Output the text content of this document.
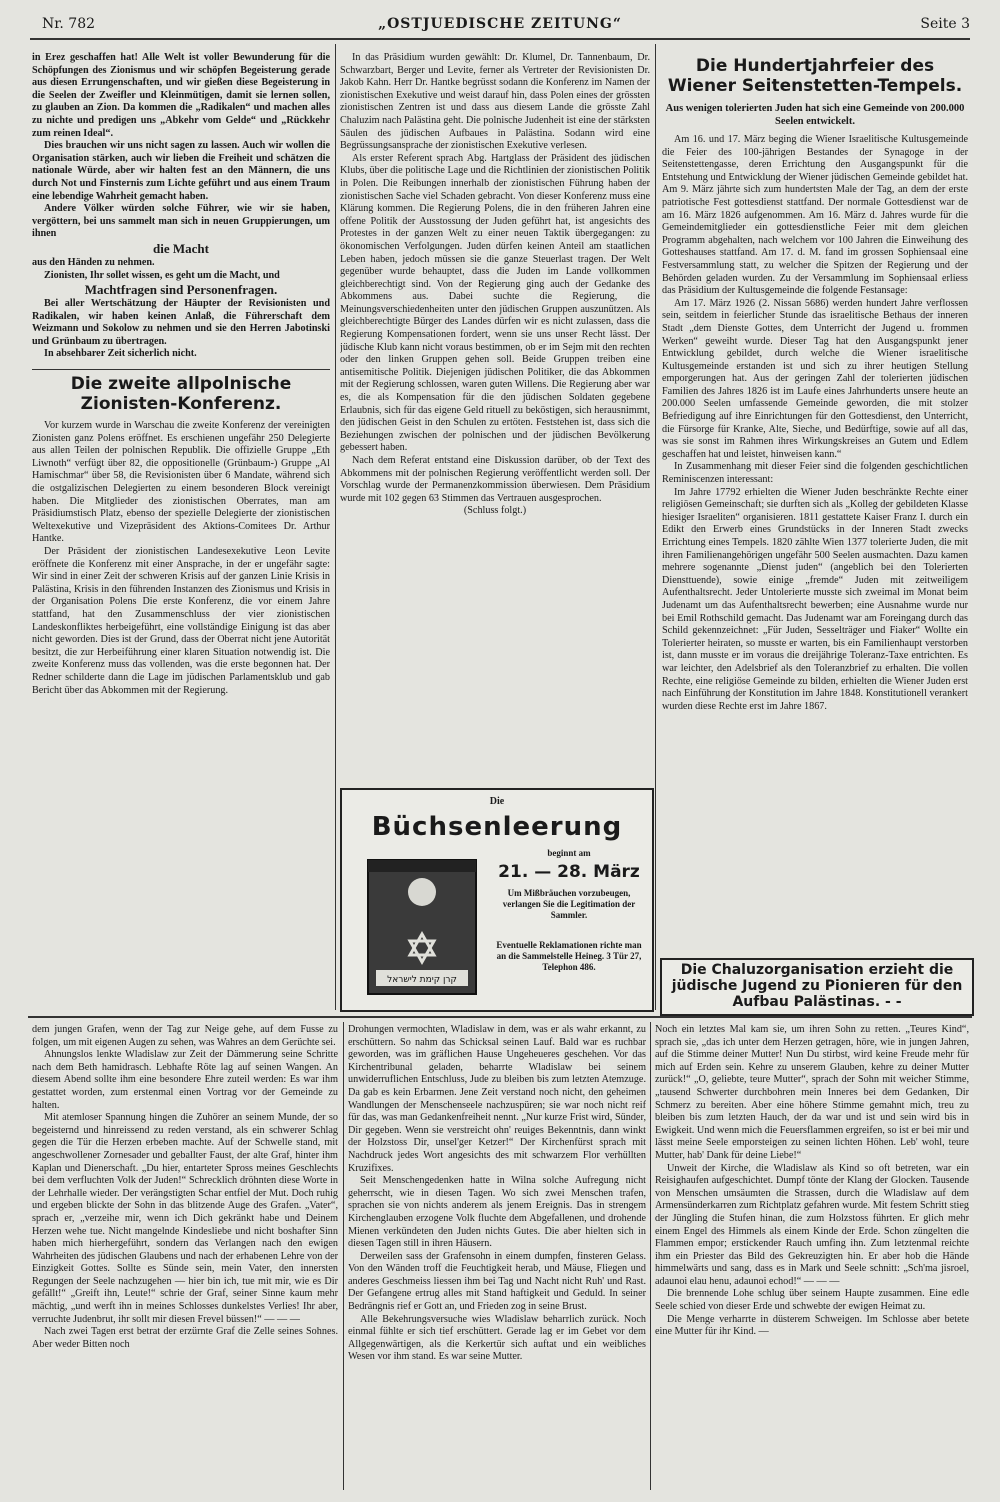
Nr. 782	„OSTJUEDISCHE ZEITUNG“	Seite 3

in Erez geschaffen hat! Alle Welt ist voller Bewunderung für die Schöpfungen des Zionismus und wir schöpfen Begeisterung gerade aus diesen Errungenschaften, und wir gießen diese Begeisterung in die Seelen der Zweifler und Kleinmütigen, damit sie lernen sollen, zu glauben an Zion. Da kommen die „Radikalen“ und machen alles zu nichte und predigen uns „Abkehr vom Gelde“ und „Rückkehr zum reinen Ideal“.

Dies brauchen wir uns nicht sagen zu lassen. Auch wir wollen die Organisation stärken, auch wir lieben die Freiheit und schätzen die nationale Würde, aber wir halten fest an den Männern, die uns durch Not und Finsternis zum Lichte geführt und aus einem Traum eine lebendige Wahrheit gemacht haben.

Andere Völker würden solche Führer, wie wir sie haben, vergöttern, bei uns sammelt man sich in neuen Gruppierungen, um ihnen

die Macht

aus den Händen zu nehmen.

Zionisten, Ihr sollet wissen, es geht um die Macht, und

Machtfragen sind Personenfragen.

Bei aller Wertschätzung der Häupter der Revisionisten und Radikalen, wir haben keinen Anlaß, die Führerschaft dem Weizmann und Sokolow zu nehmen und sie den Herren Jabotinski und Grünbaum zu übertragen.

In absehbarer Zeit sicherlich nicht.

Die zweite allpolnische Zionisten-Konferenz.

Vor kurzem wurde in Warschau die zweite Konferenz der vereinigten Zionisten ganz Polens eröffnet. Es erschienen ungefähr 250 Delegierte aus allen Teilen der polnischen Republik. Die offizielle Gruppe „Eth Liwnoth“ verfügt über 82, die oppositionelle (Grünbaum-) Gruppe „Al Hamischmar“ über 58, die Revisionisten über 6 Mandate, während sich die ostgalizischen Delegierten zu einem besonderen Block vereinigt haben. Die Mitglieder des zionistischen Oberrates, man am Präsidiumstisch Platz, ebenso der spezielle Delegierte der zionistischen Weltexekutive und Vizepräsident des Aktions-Comitees Dr. Arthur Hantke.

Der Präsident der zionistischen Landesexekutive Leon Levite eröffnete die Konferenz mit einer Ansprache, in der er ungefähr sagte: Wir sind in einer Zeit der schweren Krisis auf der ganzen Linie Krisis in Palästina, Krisis in den führenden Instanzen des Zionismus und Krisis in der Organisation Polens Die erste Konferenz, die vor einem Jahre stattfand, hat den Zusammenschluss der vier zionistischen Landeskonfliktes herbeigeführt, eine vollständige Einigung ist das aber nicht geworden. Dies ist der Grund, dass der Oberrat nicht jene Autorität besitzt, die zur Herbeiführung einer klaren Situation notwendig ist. Die zweite Konferenz muss das vollenden, was die erste begonnen hat. Der Redner schilderte dann die Lage im jüdischen Parlamentsklub und gab Bericht über das Abkommen mit der Regierung.

In das Präsidium wurden gewählt: Dr. Klumel, Dr. Tannenbaum, Dr. Schwarzbart, Berger und Levite, ferner als Vertreter der Revisionisten Dr. Jakob Kahn. Herr Dr. Hantke begrüsst sodann die Konferenz im Namen der zionistischen Exekutive und weist darauf hin, dass Polen eines der grössten zionistischen Zentren ist und dass aus diesem Lande die grösste Zahl Chaluzim nach Palästina geht. Die polnische Judenheit ist eine der stärksten Säulen des jüdischen Aufbaues in Palästina. Sodann wird eine Begrüssungsansprache der zionistischen Exekutive verlesen.

Als erster Referent sprach Abg. Hartglass der Präsident des jüdischen Klubs, über die politische Lage und die Richtlinien der zionistischen Politik in Polen. Die Reibungen innerhalb der zionistischen Führung haben der zionistischen Sache viel Schaden gebracht. Von dieser Konferenz muss eine Klärung kommen. Die Regierung Polens, die in den früheren Jahren eine offene Politik der Ausstossung der Juden geführt hat, ist angesichts des Protestes in der ganzen Welt zu einer neuen Taktik übergegangen: zu ökonomischen Verfolgungen. Juden dürfen keinen Anteil am staatlichen Leben haben, jedoch müssen sie die ganze Steuerlast tragen. Der Welt gegenüber wurde behauptet, dass die Juden im Lande vollkommen gleichberechtigt sind. Von der Regierung ging auch der Gedanke des Abkommens aus. Dabei suchte die Regierung, die Meinungsverschiedenheiten unter den jüdischen Gruppen auszunützen. Als gleichberechtigte Bürger des Landes dürfen wir es nicht zulassen, dass die Regierung Kompensationen fordert, wenn sie uns unser Recht lässt. Der jüdische Klub kann nicht voraus bestimmen, ob er im Sejm mit den rechten oder den linken Gruppen gehen soll. Beide Gruppen treiben eine antisemitische Politik. Diejenigen jüdischen Politiker, die das Abkommen mit der Regierung schlossen, waren guten Willens. Die Regierung aber war es, die als Kompensation für die den jüdischen Soldaten gegebene Erlaubnis, sich für das eigene Geld rituell zu beköstigen, sich herausnimmt, den jüdischen Geist in den Schulen zu ertöten. Feststehen ist, dass sich die Beziehungen zwischen der polnischen und der jüdischen Bevölkerung gebessert haben.

Nach dem Referat entstand eine Diskussion darüber, ob der Text des Abkommens mit der polnischen Regierung veröffentlicht werden soll. Der Vorschlag wurde der Permanenzkommission überwiesen. Dem Präsidium wurde mit 102 gegen 63 Stimmen das Vertrauen ausgesprochen.

(Schluss folgt.)

Die
Büchsenleerung
קרן קימת לישראל
beginnt am
21. — 28. März
Um Mißbräuchen vorzubeugen, verlangen Sie die Legitimation der Sammler.
Eventuelle Reklamationen richte man an die Sammelstelle Heineg. 3 Tür 27, Telephon 486.
Die Hundertjahrfeier des Wiener Seitenstetten-Tempels.
Aus wenigen tolerierten Juden hat sich eine Gemeinde von 200.000 Seelen entwickelt.

Am 16. und 17. März beging die Wiener Israelitische Kultusgemeinde die Feier des 100-jährigen Bestandes der Synagoge in der Seitenstettengasse, deren Errichtung den Ausgangspunkt für die Entstehung und Entwicklung der Wiener jüdischen Gemeinde gebildet hat. Am 9. März jährte sich zum hundertsten Male der Tag, an dem der erste patriotische Fest gottesdienst stattfand. Der normale Gottesdienst war de am 16. März 1826 aufgenommen. Am 16. März d. Jahres wurde für die Gemeindemitglieder ein gottesdienstliche Feier mit dem gleichen Programm abgehalten, nach welchem vor 100 Jahren die Einweihung des Gotteshauses stattfand. Am 17. d. M. fand im grossen Sophiensaal eine Festversammlung statt, zu welcher die Spitzen der Regierung und der Behörden geladen wurden. Zu der Versammlung im Sophiensaal erliess das Präsidium der Kultusgemeinde die folgende Festansage:

Am 17. März 1926 (2. Nissan 5686) werden hundert Jahre verflossen sein, seitdem in feierlicher Stunde das israelitische Bethaus der inneren Stadt „dem Dienste Gottes, dem Unterricht der Jugend u. frommen Werken“ geweiht wurde. Dieser Tag hat den Ausgangspunkt jener Entwicklung gebildet, durch welche die Wiener israelitische Kultusgemeinde erstanden ist und sich zu ihrer heutigen Stellung emporgerungen hat. Aus der geringen Zahl der tolerierten jüdischen Familien des Jahres 1826 ist im Laufe eines Jahrhunderts unsere heute an 200.000 Seelen umfassende Gemeinde geworden, die mit stolzer Befriedigung auf ihre Einrichtungen für den Gottesdienst, den Unterricht, die Fürsorge für Kranke, Alte, Sieche, und Bedürftige, sowie auf all das, was sie sonst im Rahmen ihres Wirkungskreises an Gutem und Edlem geschaffen hat und leistet, hinweisen kann.“

In Zusammenhang mit dieser Feier sind die folgenden geschichtlichen Reminiscenzen interessant:

Im Jahre 17792 erhielten die Wiener Juden beschränkte Rechte einer religiösen Gemeinschaft; sie durften sich als „Kolleg der gebildeten Klasse hiesiger Israeliten“ organisieren. 1811 gestattete Kaiser Franz I. durch ein Edikt den Erwerb eines Grundstücks in der Inneren Stadt zwecks Errichtung eines Tempels. 1820 zählte Wien 1377 tolerierte Juden, die mit ihren Familienangehörigen ungefähr 500 Seelen ausmachten. Dazu kamen mehrere sogenannte „Dienst juden“ (angeblich bei den Tolerierten Diensttuende), sowie einige „fremde“ Juden mit zeitweiligem Aufenthaltsrecht. Jeder Untolerierte musste sich zweimal im Monat beim Judenamt um das Aufenthaltsrecht bewerben; eine Ausnahme wurde nur bei Emil Rothschild gemacht. Das Judenamt war am Foreingang durch das Schild gekennzeichnet: „Für Juden, Sesselträger und Fiaker“ Wollte ein Tolerierter heiraten, so musste er warten, bis ein Familienhaupt verstorben ist, dann musste er im voraus die dreijährige Toleranz-Taxe entrichten. Es war leichter, den Adelsbrief als den Toleranzbrief zu erhalten. Die vollen Rechte, eine religiöse Gemeinde zu bilden, erhielten die Wiener Juden erst nach Einführung der Konstitution im Jahre 1848. Konstitutionell verankert wurden diese Rechte erst im Jahre 1867.

Die Chaluzorganisation erzieht die jüdische Jugend zu Pionieren für den Aufbau Palästinas. - -

dem jungen Grafen, wenn der Tag zur Neige gehe, auf dem Fusse zu folgen, um mit eigenen Augen zu sehen, was Wahres an dem Gerüchte sei.

Ahnungslos lenkte Wladislaw zur Zeit der Dämmerung seine Schritte nach dem Beth hamidrasch. Lebhafte Röte lag auf seinen Wangen. An diesem Abend sollte ihm eine besondere Ehre zuteil werden: Es war ihm gestattet worden, zum erstenmal einen Vortrag vor der Gemeinde zu halten.

Mit atemloser Spannung hingen die Zuhörer an seinem Munde, der so begeisternd und hinreissend zu reden verstand, als ein schwerer Schlag gegen die Tür die Herzen erbeben machte. Auf der Schwelle stand, mit angeschwollener Zornesader und geballter Faust, der alte Graf, hinter ihm Kaplan und Dienerschaft. „Du hier, entarteter Spross meines Geschlechts bei dem verfluchten Volk der Juden!“ Schrecklich dröhnten diese Worte in der Lehrhalle wieder. Der verängstigten Schar entfiel der Mut. Doch ruhig und ergeben blickte der Sohn in das blitzende Auge des Grafen. „Vater“, sprach er, „verzeihe mir, wenn ich Dich gekränkt habe und Deinem Herzen wehe tue. Nicht mangelnde Kindesliebe und nicht boshafter Sinn haben mich hierhergeführt, sondern das Verlangen nach den ewigen Wahrheiten des jüdischen Glaubens und nach der erhabenen Lehre von der Einzigkeit Gottes. Sollte es Sünde sein, mein Vater, den innersten Regungen der Seele nachzugehen — hier bin ich, tue mit mir, wie es Dir gefällt!“ „Greift ihn, Leute!“ schrie der Graf, seiner Sinne kaum mehr mächtig, „und werft ihn in meines Schlosses dunkelstes Verlies! Ihr aber, verruchte Judenbrut, ihr sollt mir diesen Frevel büssen!“ — — —

Nach zwei Tagen erst betrat der erzürnte Graf die Zelle seines Sohnes. Aber weder Bitten noch

Drohungen vermochten, Wladislaw in dem, was er als wahr erkannt, zu erschüttern. So nahm das Schicksal seinen Lauf. Bald war es ruchbar geworden, was im gräflichen Hause Ungeheueres geschehen. Vor das Kirchentribunal geladen, beharrte Wladislaw bei seinem unwiderruflichen Entschluss, Jude zu bleiben bis zum letzten Atemzuge. Da gab es kein Erbarmen. Jene Zeit verstand noch nicht, den geheimen Wandlungen der Menschenseele nachzuspüren; sie war noch nicht reif für das, was man Gedankenfreiheit nennt. „Nur kurze Frist wird, Sünder, Dir gegeben. Wenn sie verstreicht ohn' reuiges Bekenntnis, dann winkt der Holzstoss Dir, unsel'ger Ketzer!“ Der Kirchenfürst sprach mit Nachdruck jedes Wort angesichts des mit schwarzem Flor verhüllten Kruzifixes.

Seit Menschengedenken hatte in Wilna solche Aufregung nicht geherrscht, wie in diesen Tagen. Wo sich zwei Menschen trafen, sprachen sie von nichts anderem als jenem Ereignis. Das in strengem Kirchenglauben erzogene Volk fluchte dem Abgefallenen, und drohende Mienen verkündeten den Juden nichts Gutes. Die aber hielten sich in diesen Tagen still in ihren Häusern.

Derweilen sass der Grafensohn in einem dumpfen, finsteren Gelass. Von den Wänden troff die Feuchtigkeit herab, und Mäuse, Fliegen und anderes Geschmeiss liessen ihm bei Tag und Nacht nicht Ruh' und Rast. Der Gefangene ertrug alles mit Stand haftigkeit und Geduld. In seiner Bedrängnis rief er Gott an, und Frieden zog in seine Brust.

Alle Bekehrungsversuche wies Wladislaw beharrlich zurück. Noch einmal fühlte er sich tief erschüttert. Gerade lag er im Gebet vor dem Allgegenwärtigen, als die Kerkertür sich auftat und ein weibliches Wesen vor ihm stand. Es war seine Mutter.

Noch ein letztes Mal kam sie, um ihren Sohn zu retten. „Teures Kind“, sprach sie, „das ich unter dem Herzen getragen, höre, wie in jungen Jahren, auf die Stimme deiner Mutter! Nun Du stirbst, wird keine Freude mehr für mich auf Erden sein. Kehre zu unserem Glauben, kehre zu deiner Mutter zurück!“ „O, geliebte, teure Mutter“, sprach der Sohn mit weicher Stimme, „tausend Schwerter durchbohren mein Inneres bei dem Gedanken, Dir Schmerz zu bereiten. Aber eine höhere Stimme gemahnt mich, treu zu bleiben bis zum letzten Hauch, der da war und ist und sein wird bis in Ewigkeit. Und wenn mich die Feuersflammen ergreifen, so ist er bei mir und lässt meine Seele emporsteigen zu seinen lichten Höhen. Leb' wohl, teure Mutter, hab' Dank für deine Liebe!“

Unweit der Kirche, die Wladislaw als Kind so oft betreten, war ein Reisighaufen aufgeschichtet. Dumpf tönte der Klang der Glocken. Tausende von Menschen umsäumten die Strassen, durch die Wladislaw auf dem Armensünderkarren zum Richtplatz gefahren wurde. Mit festem Schritt stieg der Jüngling die Stufen hinan, die zum Holzstoss führten. Er glich mehr einem Engel des Himmels als einem Kinde der Erde. Schon züngelten die Flammen empor; erstickender Rauch umfing ihn. Zum letztenmal reichte ihm ein Priester das Bild des Gekreuzigten hin. Er aber hob die Hände himmelwärts und sang, dass es in Mark und Seele schnitt: „Sch'ma jisroel, adaunoi elau henu, adaunoi echod!“ — — —

Die brennende Lohe schlug über seinem Haupte zusammen. Eine edle Seele schied von dieser Erde und schwebte der ewigen Heimat zu.

Die Menge verharrte in düsterem Schweigen. Im Schlosse aber betete eine Mutter für ihr Kind. —
